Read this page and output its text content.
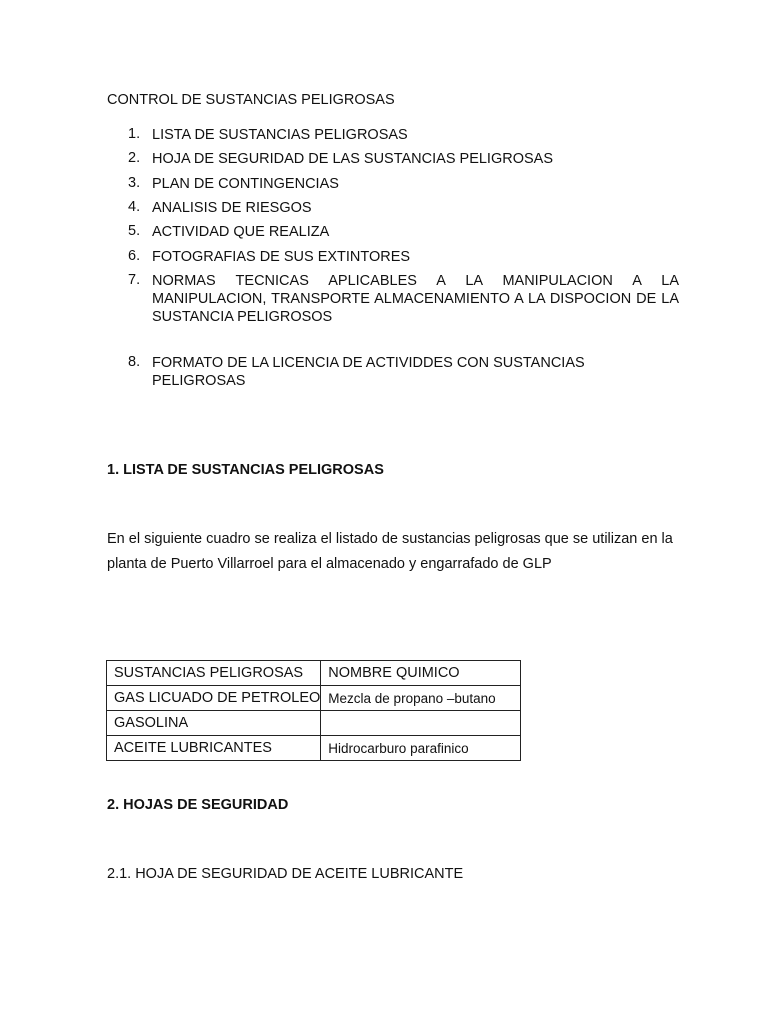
CONTROL DE SUSTANCIAS PELIGROSAS
1. LISTA DE SUSTANCIAS PELIGROSAS
2. HOJA DE SEGURIDAD DE LAS SUSTANCIAS PELIGROSAS
3. PLAN DE CONTINGENCIAS
4. ANALISIS DE RIESGOS
5. ACTIVIDAD QUE REALIZA
6. FOTOGRAFIAS DE SUS EXTINTORES
7. NORMAS TECNICAS APLICABLES A LA MANIPULACION A LA MANIPULACION, TRANSPORTE ALMACENAMIENTO A LA DISPOCION DE LA SUSTANCIA PELIGROSOS
8. FORMATO DE LA LICENCIA DE ACTIVIDDES CON SUSTANCIAS PELIGROSAS
1. LISTA DE SUSTANCIAS PELIGROSAS
En el siguiente cuadro se realiza el listado de sustancias peligrosas que se utilizan en la planta de Puerto Villarroel para el almacenado y engarrafado de GLP
SUSTANCIAS PELIGROSAS	NOMBRE QUIMICO
GAS LICUADO DE PETROLEO	Mezcla de propano –butano
GASOLINA	
ACEITE LUBRICANTES	Hidrocarburo parafinico
2. HOJAS DE SEGURIDAD
2.1. HOJA DE SEGURIDAD DE ACEITE LUBRICANTE
